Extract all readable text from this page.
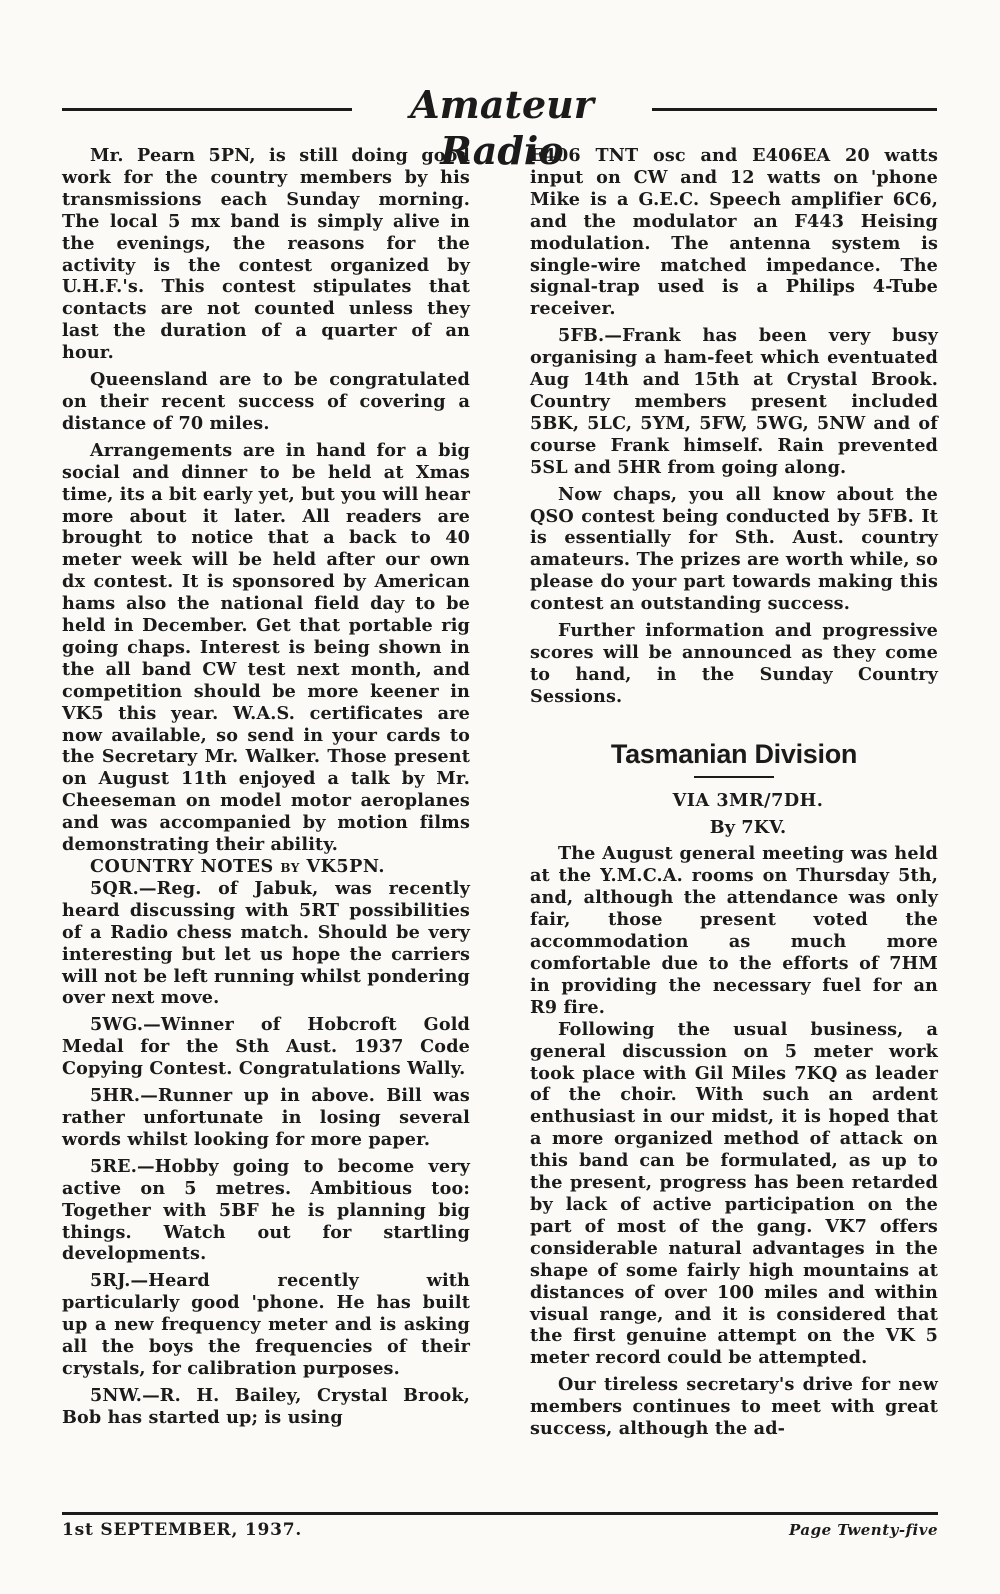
Amateur Radio

Mr. Pearn 5PN, is still doing good work for the country members by his transmissions each Sunday morning. The local 5 mx band is simply alive in the evenings, the reasons for the activity is the contest organized by U.H.F.'s. This contest stipulates that contacts are not counted unless they last the duration of a quarter of an hour.

Queensland are to be congratulated on their recent success of covering a distance of 70 miles.

Arrangements are in hand for a big social and dinner to be held at Xmas time, its a bit early yet, but you will hear more about it later. All readers are brought to notice that a back to 40 meter week will be held after our own dx contest. It is sponsored by American hams also the national field day to be held in December. Get that portable rig going chaps. Interest is being shown in the all band CW test next month, and competition should be more keener in VK5 this year. W.A.S. certificates are now available, so send in your cards to the Secretary Mr. Walker. Those present on August 11th enjoyed a talk by Mr. Cheeseman on model motor aeroplanes and was accompanied by motion films demonstrating their ability.

COUNTRY NOTES by VK5PN.

5QR.—Reg. of Jabuk, was recently heard discussing with 5RT possibilities of a Radio chess match. Should be very interesting but let us hope the carriers will not be left running whilst pondering over next move.

5WG.—Winner of Hobcroft Gold Medal for the Sth Aust. 1937 Code Copying Contest. Congratulations Wally.

5HR.—Runner up in above. Bill was rather unfortunate in losing several words whilst looking for more paper.

5RE.—Hobby going to become very active on 5 metres. Ambitious too: Together with 5BF he is planning big things. Watch out for startling developments.

5RJ.—Heard recently with particularly good 'phone. He has built up a new frequency meter and is asking all the boys the frequencies of their crystals, for calibration purposes.

5NW.—R. H. Bailey, Crystal Brook, Bob has started up; is using

E406 TNT osc and E406EA 20 watts input on CW and 12 watts on 'phone Mike is a G.E.C. Speech amplifier 6C6, and the modulator an F443 Heising modulation. The antenna system is single-wire matched impedance. The signal-trap used is a Philips 4-Tube receiver.

5FB.—Frank has been very busy organising a ham-feet which eventuated Aug 14th and 15th at Crystal Brook. Country members present included 5BK, 5LC, 5YM, 5FW, 5WG, 5NW and of course Frank himself. Rain prevented 5SL and 5HR from going along.

Now chaps, you all know about the QSO contest being conducted by 5FB. It is essentially for Sth. Aust. country amateurs. The prizes are worth while, so please do your part towards making this contest an outstanding success.

Further information and progressive scores will be announced as they come to hand, in the Sunday Country Sessions.

Tasmanian Division

VIA 3MR/7DH.

By 7KV.

The August general meeting was held at the Y.M.C.A. rooms on Thursday 5th, and, although the attendance was only fair, those present voted the accommodation as much more comfortable due to the efforts of 7HM in providing the necessary fuel for an R9 fire.

Following the usual business, a general discussion on 5 meter work took place with Gil Miles 7KQ as leader of the choir. With such an ardent enthusiast in our midst, it is hoped that a more organized method of attack on this band can be formulated, as up to the present, progress has been retarded by lack of active participation on the part of most of the gang. VK7 offers considerable natural advantages in the shape of some fairly high mountains at distances of over 100 miles and within visual range, and it is considered that the first genuine attempt on the VK 5 meter record could be attempted.

Our tireless secretary's drive for new members continues to meet with great success, although the ad-

1st SEPTEMBER, 1937.	Page Twenty-five
